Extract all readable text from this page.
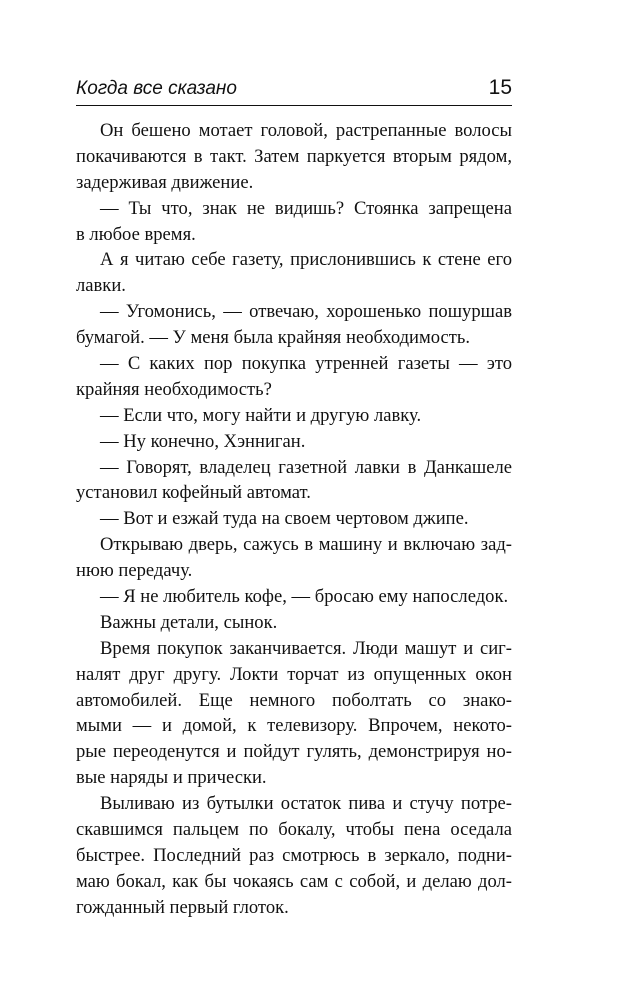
Когда все сказано	15
Он бешено мотает головой, растрепанные волосы
покачиваются в такт. Затем паркуется вторым рядом,
задерживая движение.
— Ты что, знак не видишь? Стоянка запрещена
в любое время.
А я читаю себе газету, прислонившись к стене его
лавки.
— Угомонись, — отвечаю, хорошенько пошуршав
бумагой. — У меня была крайняя необходимость.
— С каких пор покупка утренней газеты — это
крайняя необходимость?
— Если что, могу найти и другую лавку.
— Ну конечно, Хэнниган.
— Говорят, владелец газетной лавки в Данкашеле
установил кофейный автомат.
— Вот и езжай туда на своем чертовом джипе.
Открываю дверь, сажусь в машину и включаю зад-
нюю передачу.
— Я не любитель кофе, — бросаю ему напоследок.
Важны детали, сынок.
Время покупок заканчивается. Люди машут и сиг-
налят друг другу. Локти торчат из опущенных окон
автомобилей. Еще немного поболтать со знако-
мыми — и домой, к телевизору. Впрочем, некото-
рые переоденутся и пойдут гулять, демонстрируя но-
вые наряды и прически.
Выливаю из бутылки остаток пива и стучу потре-
скавшимся пальцем по бокалу, чтобы пена оседала
быстрее. Последний раз смотрюсь в зеркало, подни-
маю бокал, как бы чокаясь сам с собой, и делаю дол-
гожданный первый глоток.
